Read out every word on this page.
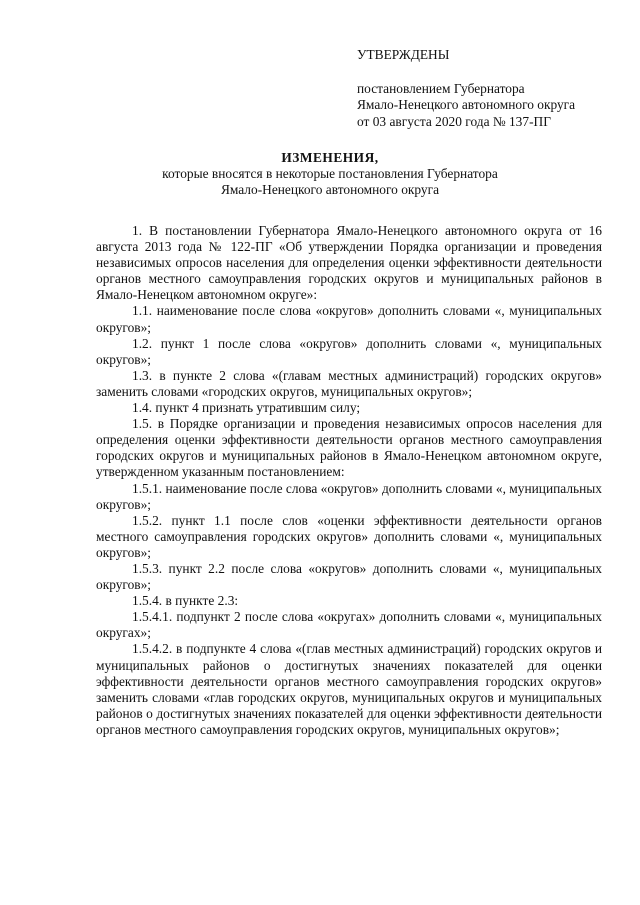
УТВЕРЖДЕНЫ
постановлением Губернатора
Ямало-Ненецкого автономного округа
от 03 августа 2020 года № 137-ПГ
ИЗМЕНЕНИЯ,
которые вносятся в некоторые постановления Губернатора
Ямало-Ненецкого автономного округа

1. В постановлении Губернатора Ямало-Ненецкого автономного округа от 16 августа 2013 года № 122-ПГ «Об утверждении Порядка организации и проведения независимых опросов населения для определения оценки эффективности деятельности органов местного самоуправления городских округов и муниципальных районов в Ямало-Ненецком автономном округе»:

1.1. наименование после слова «округов» дополнить словами «, муниципальных округов»;

1.2. пункт 1 после слова «округов» дополнить словами «, муниципальных округов»;

1.3. в пункте 2 слова «(главам местных администраций) городских округов» заменить словами «городских округов, муниципальных округов»;

1.4. пункт 4 признать утратившим силу;

1.5. в Порядке организации и проведения независимых опросов населения для определения оценки эффективности деятельности органов местного самоуправления городских округов и муниципальных районов в Ямало-Ненецком автономном округе, утвержденном указанным постановлением:

1.5.1. наименование после слова «округов» дополнить словами «, муниципальных округов»;

1.5.2. пункт 1.1 после слов «оценки эффективности деятельности органов местного самоуправления городских округов» дополнить словами «, муниципальных округов»;

1.5.3. пункт 2.2 после слова «округов» дополнить словами «, муниципальных округов»;

1.5.4. в пункте 2.3:

1.5.4.1. подпункт 2 после слова «округах» дополнить словами «, муниципальных округах»;

1.5.4.2. в подпункте 4 слова «(глав местных администраций) городских округов и муниципальных районов о достигнутых значениях показателей для оценки эффективности деятельности органов местного самоуправления городских округов» заменить словами «глав городских округов, муниципальных округов и муниципальных районов о достигнутых значениях показателей для оценки эффективности деятельности органов местного самоуправления городских округов, муниципальных округов»;
